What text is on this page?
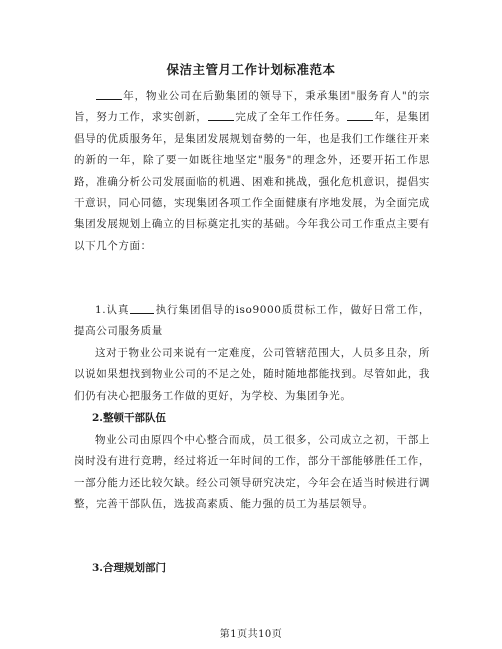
保洁主管月工作计划标准范本

年，物业公司在后勤集团的领导下，秉承集团"服务育人"的宗旨，努力工作，求实创新，	完成了全年工作任务。	年，是集团倡导的优质服务年，是集团发展规划奋勢的一年，也是我们工作继往开来的新的一年，除了要一如既往地坚定"服务"的理念外，还要开拓工作思路，准确分析公司发展面临的机遇、困难和挑战，强化危机意识，提倡实干意识，同心同德，实现集团各项工作全面健康有序地发展，为全面完成集团发展规划上确立的目标奠定扎实的基础。今年我公司工作重点主要有以下几个方面：

1.认真 执行集团倡导的iso9000质贯标工作，做好日常工作，提高公司服务质量

这对于物业公司来说有一定难度，公司管辖范围大，人员多且杂，所以说如果想找到物业公司的不足之处，随时随地都能找到。尽管如此，我们仍有决心把服务工作做的更好，为学校、为集团争光。

2.整顿干部队伍

物业公司由原四个中心整合而成，员工很多，公司成立之初，干部上岗时没有进行竞聘，经过将近一年时间的工作，部分干部能够胜任工作，一部分能力还比较欠缺。经公司领导研究决定，今年会在适当时候进行调整，完善干部队伍，选拔高素质、能力强的员工为基层领导。

3.合理规划部门
第1页共10页
